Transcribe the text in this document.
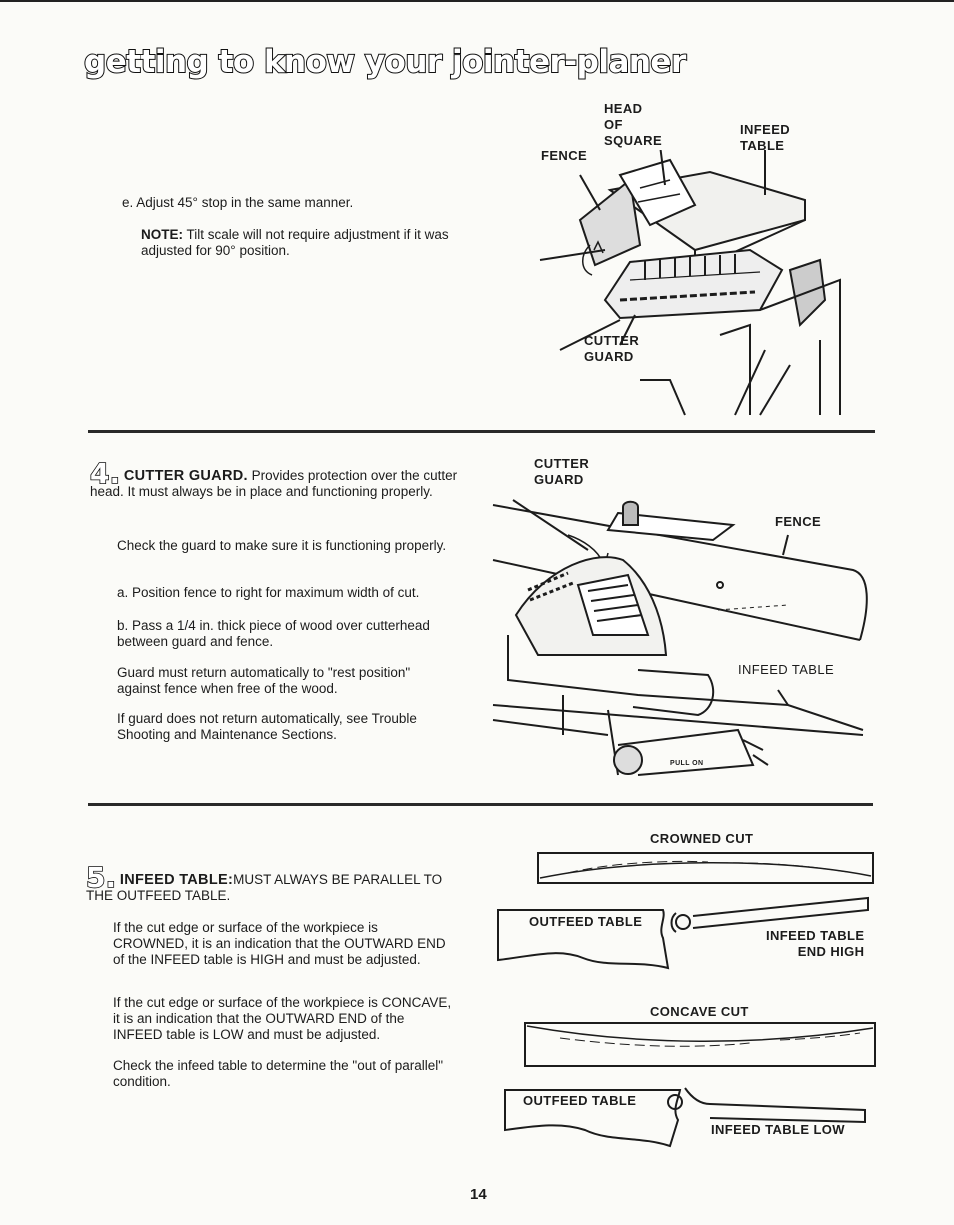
getting to know your jointer-planer

e. Adjust 45° stop in the same manner.

NOTE: Tilt scale will not require adjustment if it was adjusted for 90° position.

HEAD
OF
SQUARE

INFEED
TABLE

FENCE

CUTTER
GUARD

4. CUTTER GUARD. Provides protection over the cutter head. It must always be in place and functioning properly.

Check the guard to make sure it is functioning properly.

a. Position fence to right for maximum width of cut.

b. Pass a 1/4 in. thick piece of wood over cutterhead between guard and fence.

Guard must return automatically to "rest position" against fence when free of the wood.

If guard does not return automatically, see Trouble Shooting and Maintenance Sections.

CUTTER
GUARD

FENCE

INFEED TABLE

PULL ON

5. INFEED TABLE:MUST ALWAYS BE PARALLEL TO THE OUTFEED TABLE.

If the cut edge or surface of the workpiece is CROWNED, it is an indication that the OUTWARD END of the INFEED table is HIGH and must be adjusted.

If the cut edge or surface of the workpiece is CONCAVE, it is an indication that the OUTWARD END of the INFEED table is LOW and must be adjusted.

Check the infeed table to determine the "out of parallel" condition.

CROWNED CUT

OUTFEED TABLE

INFEED TABLE
END HIGH

CONCAVE CUT

OUTFEED TABLE

INFEED TABLE LOW

14
